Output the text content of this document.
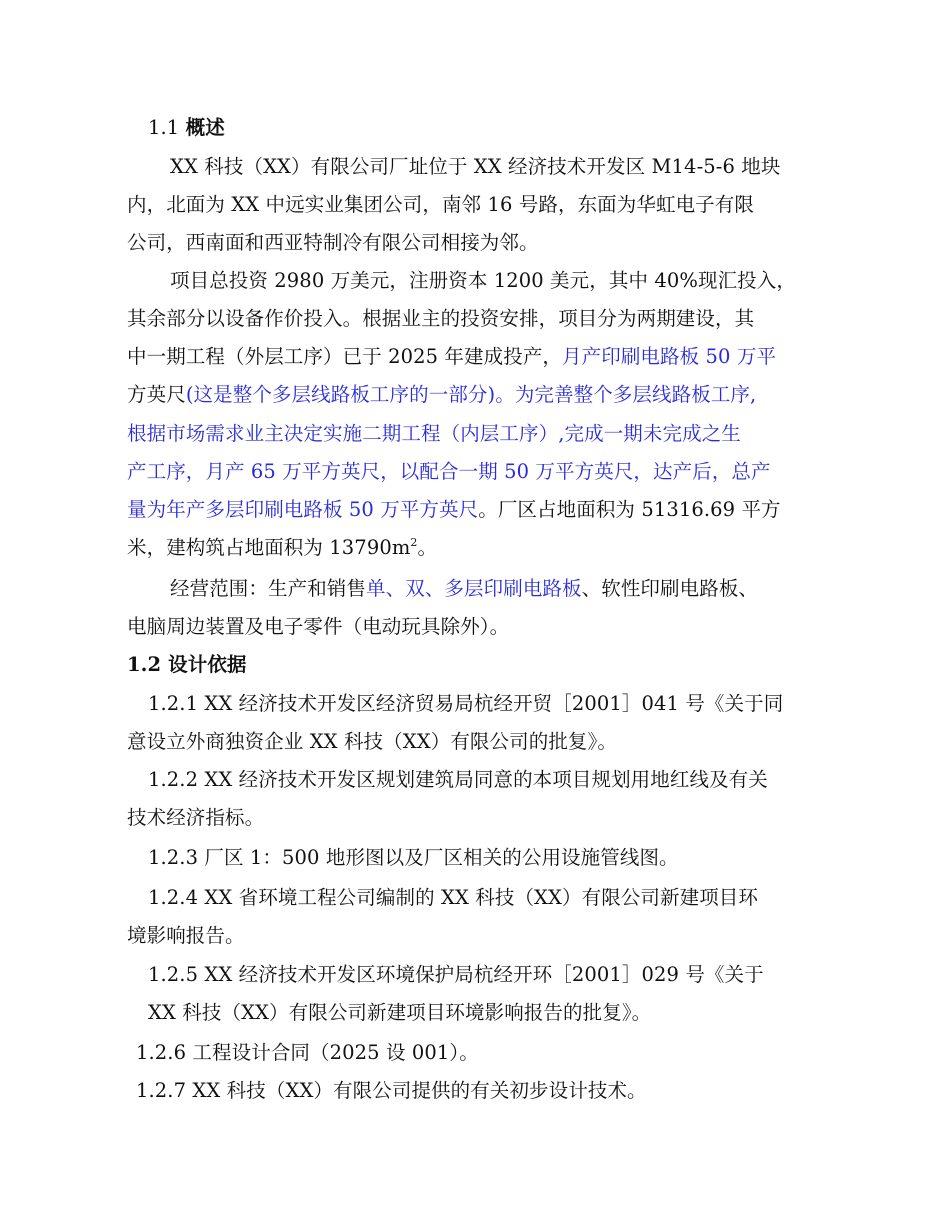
1.1 概述
XX 科技（XX）有限公司厂址位于 XX 经济技术开发区 M14-5-6 地块
内，北面为 XX 中远实业集团公司，南邻 16 号路，东面为华虹电子有限
公司，西南面和西亚特制冷有限公司相接为邻。
项目总投资 2980 万美元，注册资本 1200 美元，其中 40%现汇投入，
其余部分以设备作价投入。根据业主的投资安排，项目分为两期建设，其
中一期工程（外层工序）已于 2025 年建成投产，月产印刷电路板 50 万平
方英尺(这是整个多层线路板工序的一部分)。为完善整个多层线路板工序,
根据市场需求业主决定实施二期工程（内层工序）,完成一期未完成之生
产工序，月产 65 万平方英尺，以配合一期 50 万平方英尺，达产后，总产
量为年产多层印刷电路板 50 万平方英尺。厂区占地面积为 51316.69 平方
米，建构筑占地面积为 $13790m^2$。
经营范围：生产和销售单、双、多层印刷电路板、软性印刷电路板、
电脑周边装置及电子零件（电动玩具除外）。
1.2 设计依据
1.2.1 XX 经济技术开发区经济贸易局杭经开贸［2001］041 号《关于同
意设立外商独资企业 XX 科技（XX）有限公司的批复》。
1.2.2 XX 经济技术开发区规划建筑局同意的本项目规划用地红线及有关
技术经济指标。
1.2.3 厂区 1：500 地形图以及厂区相关的公用设施管线图。
1.2.4 XX 省环境工程公司编制的 XX 科技（XX）有限公司新建项目环
境影响报告。
1.2.5 XX 经济技术开发区环境保护局杭经开环［2001］029 号《关于
XX 科技（XX）有限公司新建项目环境影响报告的批复》。
1.2.6 工程设计合同（2025 设 001）。
1.2.7 XX 科技（XX）有限公司提供的有关初步设计技术。
